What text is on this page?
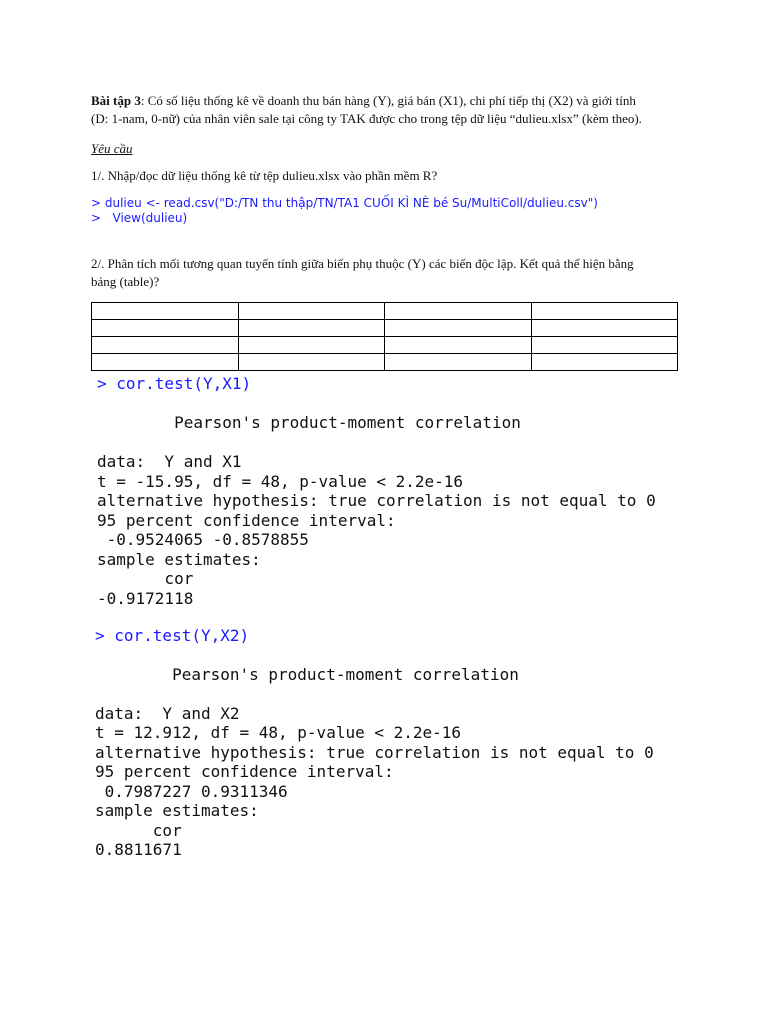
Bài tập 3: Có số liệu thống kê về doanh thu bán hàng (Y), giá bán (X1), chi phí tiếp thị (X2) và giới tính
(D: 1-nam, 0-nữ) của nhân viên sale tại công ty TAK được cho trong tệp dữ liệu “dulieu.xlsx” (kèm theo).
Yêu cầu
1/. Nhập/đọc dữ liệu thống kê từ tệp dulieu.xlsx vào phần mềm R?
> dulieu <- read.csv("D:/TN thu thập/TN/TA1 CUỐI KÌ NÈ bé Su/MultiColl/dulieu.csv")
>   View(dulieu)
2/. Phân tích mối tương quan tuyến tính giữa biến phụ thuộc (Y) các biến độc lập. Kết quả thể hiện bằng
bảng (table)?

> cor.test(Y,X1)
Pearson's product-moment correlation
data:  Y and X1
t = -15.95, df = 48, p-value < 2.2e-16
alternative hypothesis: true correlation is not equal to 0
95 percent confidence interval:
-0.9524065 -0.8578855
sample estimates:
cor
-0.9172118
> cor.test(Y,X2)
Pearson's product-moment correlation
data:  Y and X2
t = 12.912, df = 48, p-value < 2.2e-16
alternative hypothesis: true correlation is not equal to 0
95 percent confidence interval:
0.7987227 0.9311346
sample estimates:
cor
0.8811671
